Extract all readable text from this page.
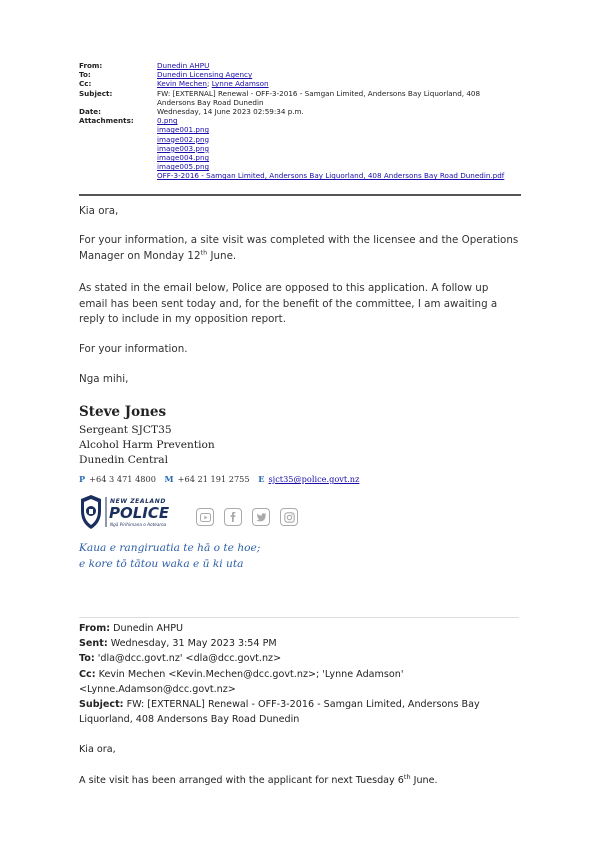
From:	Dunedin AHPU
To:	Dunedin Licensing Agency
Cc:	Kevin Mechen; Lynne Adamson
Subject:	FW: [EXTERNAL] Renewal - OFF-3-2016 - Samgan Limited, Andersons Bay Liquorland, 408 Andersons Bay Road Dunedin
Date:	Wednesday, 14 June 2023 02:59:34 p.m.
Attachments:	0.png
image001.png
image002.png
image003.png
image004.png
image005.png
OFF-3-2016 - Samgan Limited, Andersons Bay Liquorland, 408 Andersons Bay Road Dunedin.pdf
Kia ora,
For your information, a site visit was completed with the licensee and the Operations Manager on Monday 12th June.
As stated in the email below, Police are opposed to this application. A follow up email has been sent today and, for the benefit of the committee, I am awaiting a reply to include in my opposition report.
For your information.
Nga mihi,
Steve Jones
Sergeant SJCT35
Alcohol Harm Prevention
Dunedin Central
P +64 3 471 4800 M +64 21 191 2755 E sjct35@police.govt.nz
NEW ZEALAND
POLICE
Ngā Pirihimana o Aotearoa
Kaua e rangiruatia te hā o te hoe;
e kore tō tātou waka e ū ki uta
From: Dunedin AHPU
Sent: Wednesday, 31 May 2023 3:54 PM
To: 'dla@dcc.govt.nz' <dla@dcc.govt.nz>
Cc: Kevin Mechen <Kevin.Mechen@dcc.govt.nz>; 'Lynne Adamson' <Lynne.Adamson@dcc.govt.nz>
Subject: FW: [EXTERNAL] Renewal - OFF-3-2016 - Samgan Limited, Andersons Bay Liquorland, 408 Andersons Bay Road Dunedin
Kia ora,
A site visit has been arranged with the applicant for next Tuesday 6th June.
